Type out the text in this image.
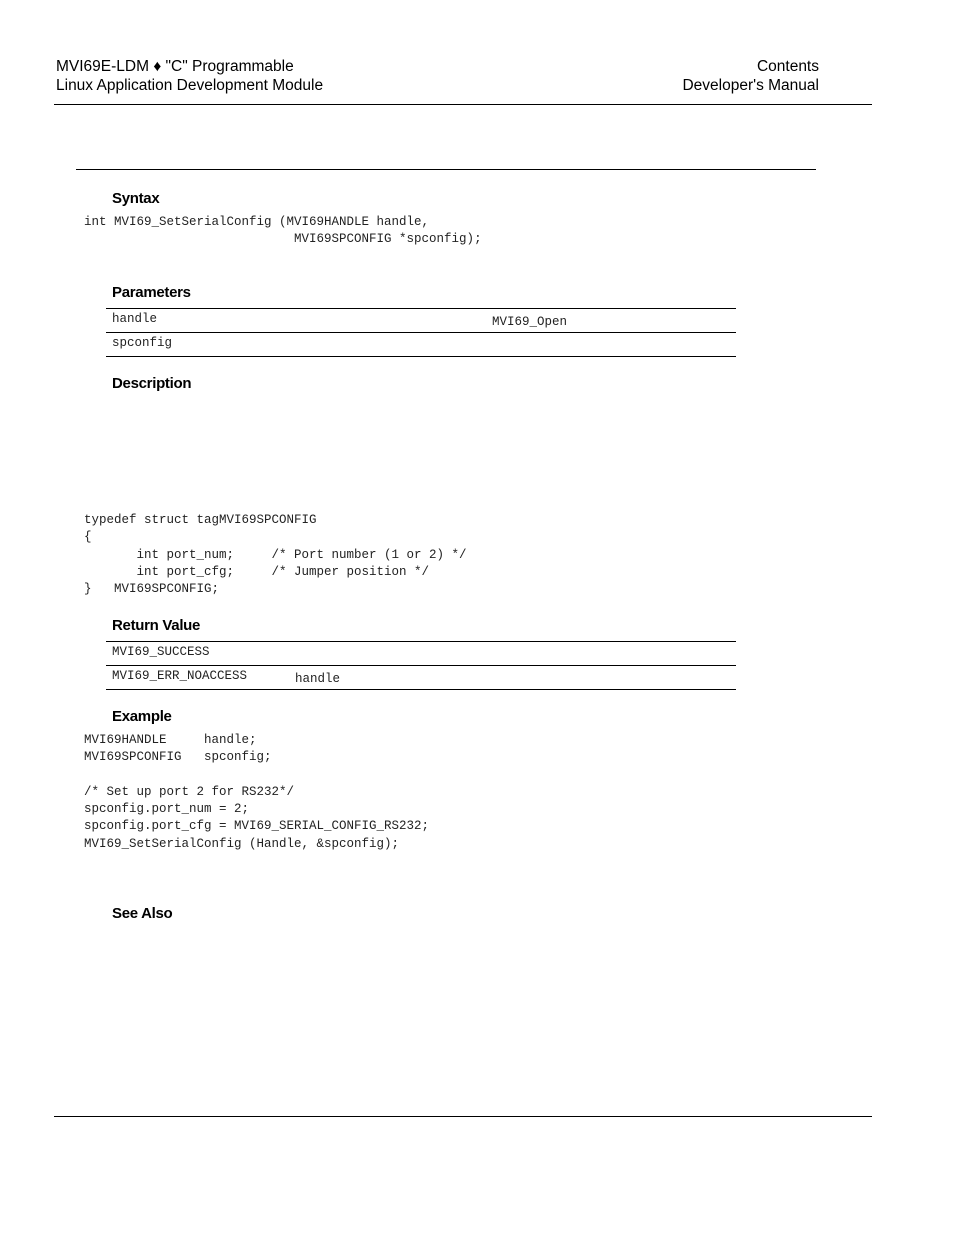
MVI69E-LDM ♦ "C" Programmable
Linux Application Development Module
Contents
Developer's Manual
Syntax
int MVI69_SetSerialConfig (MVI69HANDLE handle,
MVI69SPCONFIG *spconfig);
Parameters
handle	MVI69_Open
spconfig
Description
typedef struct tagMVI69SPCONFIG
{
int port_num;     /* Port number (1 or 2) */
int port_cfg;     /* Jumper position */
}   MVI69SPCONFIG;
Return Value
MVI69_SUCCESS
MVI69_ERR_NOACCESS	handle
Example
MVI69HANDLE     handle;
MVI69SPCONFIG   spconfig;

/* Set up port 2 for RS232*/
spconfig.port_num = 2;
spconfig.port_cfg = MVI69_SERIAL_CONFIG_RS232;
MVI69_SetSerialConfig (Handle, &spconfig);
See Also
